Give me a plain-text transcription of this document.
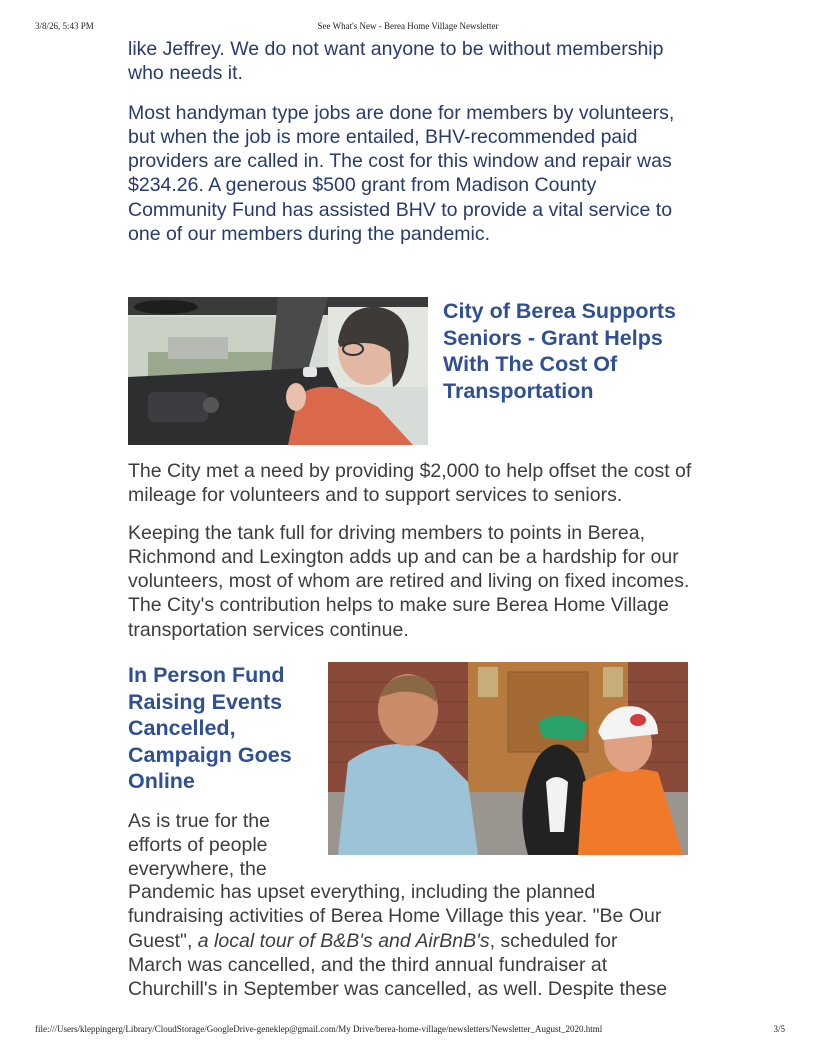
3/8/26, 5:43 PM	See What's New - Berea Home Village Newsletter

like Jeffrey. We do not want anyone to be without membership who needs it.

Most handyman type jobs are done for members by volunteers, but when the job is more entailed, BHV-recommended paid providers are called in. The cost for this window and repair was $234.26. A generous $500 grant from Madison County Community Fund has assisted BHV to provide a vital service to one of our members during the pandemic.

City of Berea Supports Seniors - Grant Helps With The Cost Of Transportation

The City met a need by providing $2,000 to help offset the cost of mileage for volunteers and to support services to seniors.

Keeping the tank full for driving members to points in Berea, Richmond and Lexington adds up and can be a hardship for our volunteers, most of whom are retired and living on fixed incomes. The City's contribution helps to make sure Berea Home Village transportation services continue.

In Person Fund Raising Events Cancelled, Campaign Goes Online

As is true for the efforts of people everywhere, the

Pandemic has upset everything, including the planned

fundraising activities of Berea Home Village this year. "Be Our

Guest", a local tour of B&B's and AirBnB's, scheduled for

March was cancelled, and the third annual fundraiser at

Churchill's in September was cancelled, as well. Despite these

file:///Users/kleppingerg/Library/CloudStorage/GoogleDrive-geneklep@gmail.com/My Drive/berea-home-village/newsletters/Newsletter_August_2020.html	3/5
